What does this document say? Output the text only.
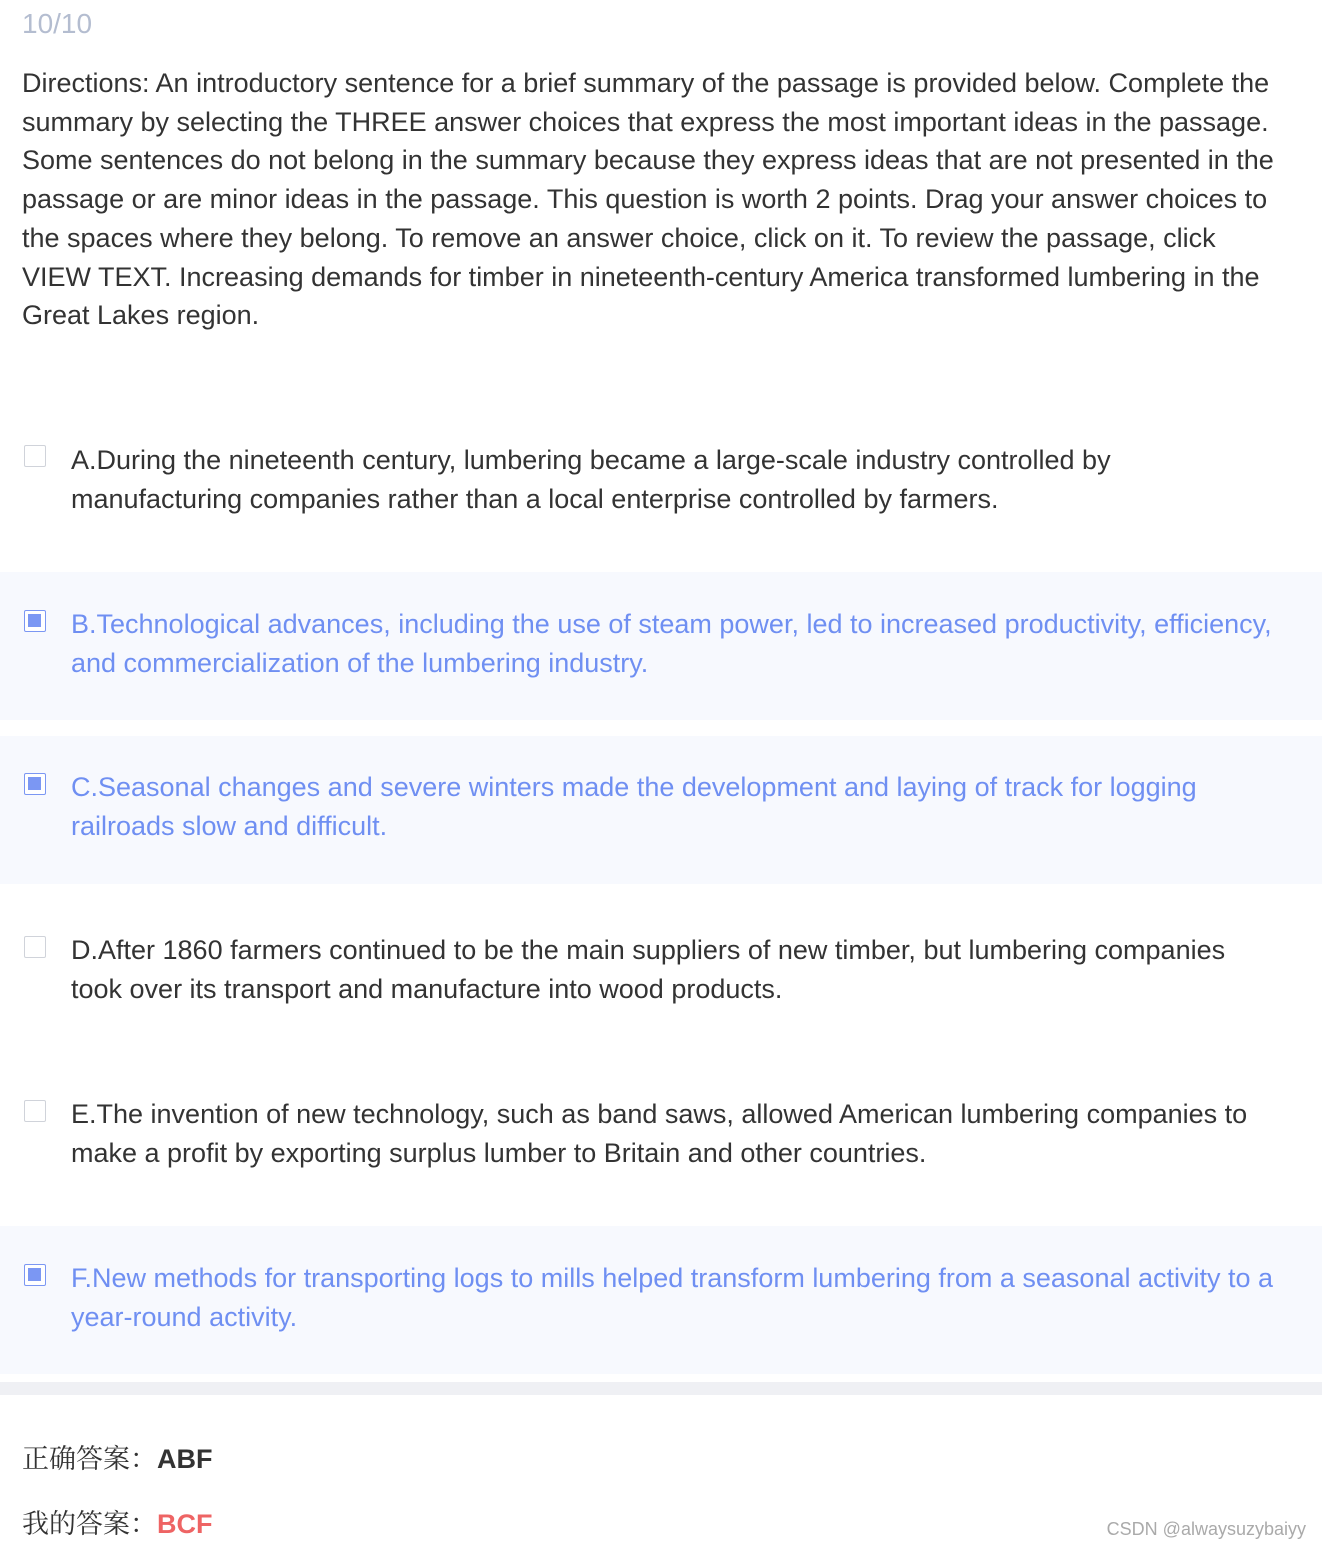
10/10

Directions: An introductory sentence for a brief summary of the passage is provided below. Complete the summary by selecting the THREE answer choices that express the most important ideas in the passage. Some sentences do not belong in the summary because they express ideas that are not presented in the passage or are minor ideas in the passage. This question is worth 2 points. Drag your answer choices to the spaces where they belong. To remove an answer choice, click on it. To review the passage, click VIEW TEXT. Increasing demands for timber in nineteenth-century America transformed lumbering in the Great Lakes region.

A.During the nineteenth century, lumbering became a large-scale industry controlled by manufacturing companies rather than a local enterprise controlled by farmers.
B.Technological advances, including the use of steam power, led to increased productivity, efficiency, and commercialization of the lumbering industry.
C.Seasonal changes and severe winters made the development and laying of track for logging railroads slow and difficult.
D.After 1860 farmers continued to be the main suppliers of new timber, but lumbering companies took over its transport and manufacture into wood products.
E.The invention of new technology, such as band saws, allowed American lumbering companies to make a profit by exporting surplus lumber to Britain and other countries.
F.New methods for transporting logs to mills helped transform lumbering from a seasonal activity to a year-round activity.
正确答案：ABF
我的答案：BCF	CSDN @alwaysuzybaiyy
